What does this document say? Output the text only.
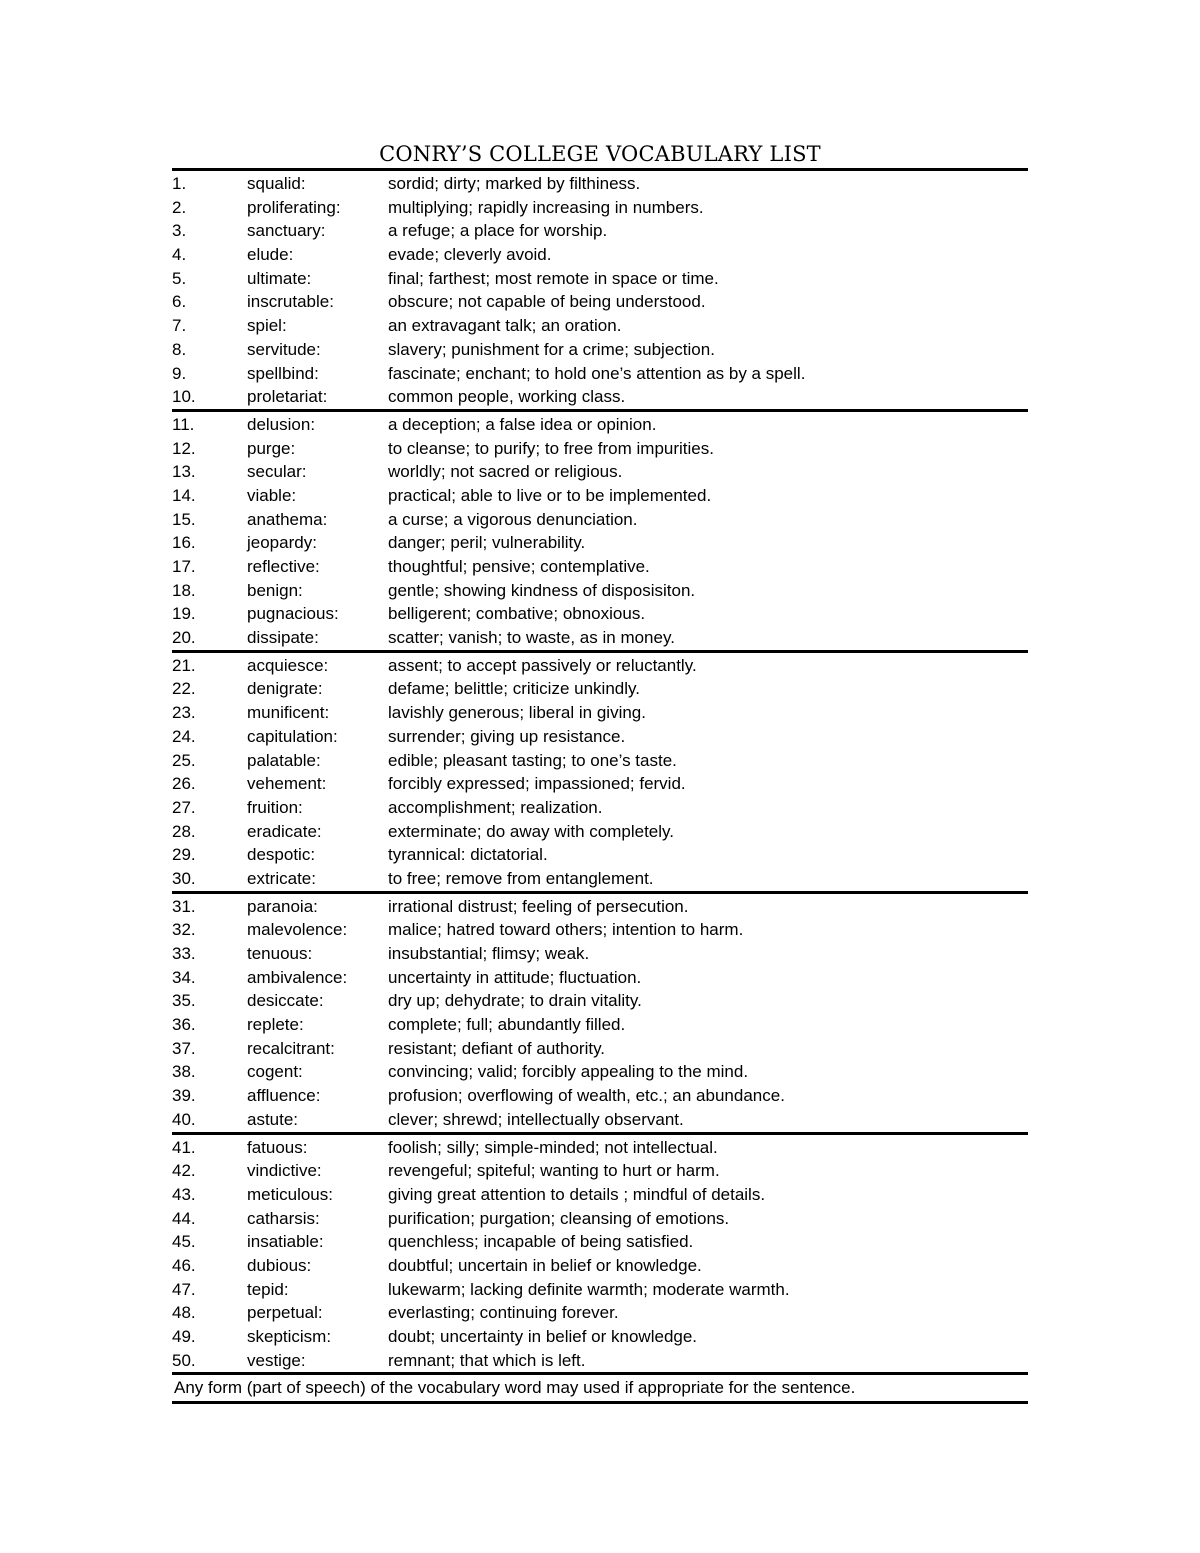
CONRY’S COLLEGE VOCABULARY LIST
1.	squalid:	sordid; dirty; marked by filthiness.
2.	proliferating:	multiplying; rapidly increasing in numbers.
3.	sanctuary:	a refuge; a place for worship.
4.	elude:	evade; cleverly avoid.
5.	ultimate:	final; farthest; most remote in space or time.
6.	inscrutable:	obscure; not capable of being understood.
7.	spiel:	an extravagant talk; an oration.
8.	servitude:	slavery; punishment for a crime; subjection.
9.	spellbind:	fascinate; enchant; to hold one’s attention as by a spell.
10.	proletariat:	common people, working class.
11.	delusion:	a deception; a false idea or opinion.
12.	purge:	to cleanse; to purify; to free from impurities.
13.	secular:	worldly; not sacred or religious.
14.	viable:	practical; able to live or to be implemented.
15.	anathema:	a curse; a vigorous denunciation.
16.	jeopardy:	danger; peril; vulnerability.
17.	reflective:	thoughtful; pensive; contemplative.
18.	benign:	gentle; showing kindness of disposisiton.
19.	pugnacious:	belligerent; combative; obnoxious.
20.	dissipate:	scatter; vanish; to waste, as in money.
21.	acquiesce:	assent; to accept passively or reluctantly.
22.	denigrate:	defame; belittle; criticize unkindly.
23.	munificent:	lavishly generous; liberal in giving.
24.	capitulation:	surrender; giving up resistance.
25.	palatable:	edible; pleasant tasting; to one’s taste.
26.	vehement:	forcibly expressed; impassioned; fervid.
27.	fruition:	accomplishment; realization.
28.	eradicate:	exterminate; do away with completely.
29.	despotic:	tyrannical: dictatorial.
30.	extricate:	to free; remove from entanglement.
31.	paranoia:	irrational distrust; feeling of persecution.
32.	malevolence:	malice; hatred toward others; intention to harm.
33.	tenuous:	insubstantial; flimsy; weak.
34.	ambivalence:	uncertainty in attitude; fluctuation.
35.	desiccate:	dry up; dehydrate; to drain vitality.
36.	replete:	complete; full; abundantly filled.
37.	recalcitrant:	resistant; defiant of authority.
38.	cogent:	convincing; valid; forcibly appealing to the mind.
39.	affluence:	profusion; overflowing of wealth, etc.; an abundance.
40.	astute:	clever; shrewd; intellectually observant.
41.	fatuous:	foolish; silly; simple-minded; not intellectual.
42.	vindictive:	revengeful; spiteful; wanting to hurt or harm.
43.	meticulous:	giving great attention to details ; mindful of details.
44.	catharsis:	purification; purgation; cleansing of emotions.
45.	insatiable:	quenchless; incapable of being satisfied.
46.	dubious:	doubtful; uncertain in belief or knowledge.
47.	tepid:	lukewarm; lacking definite warmth; moderate warmth.
48.	perpetual:	everlasting; continuing forever.
49.	skepticism:	doubt; uncertainty in belief or knowledge.
50.	vestige:	remnant; that which is left.
Any form (part of speech) of the vocabulary word may used if appropriate for the sentence.
